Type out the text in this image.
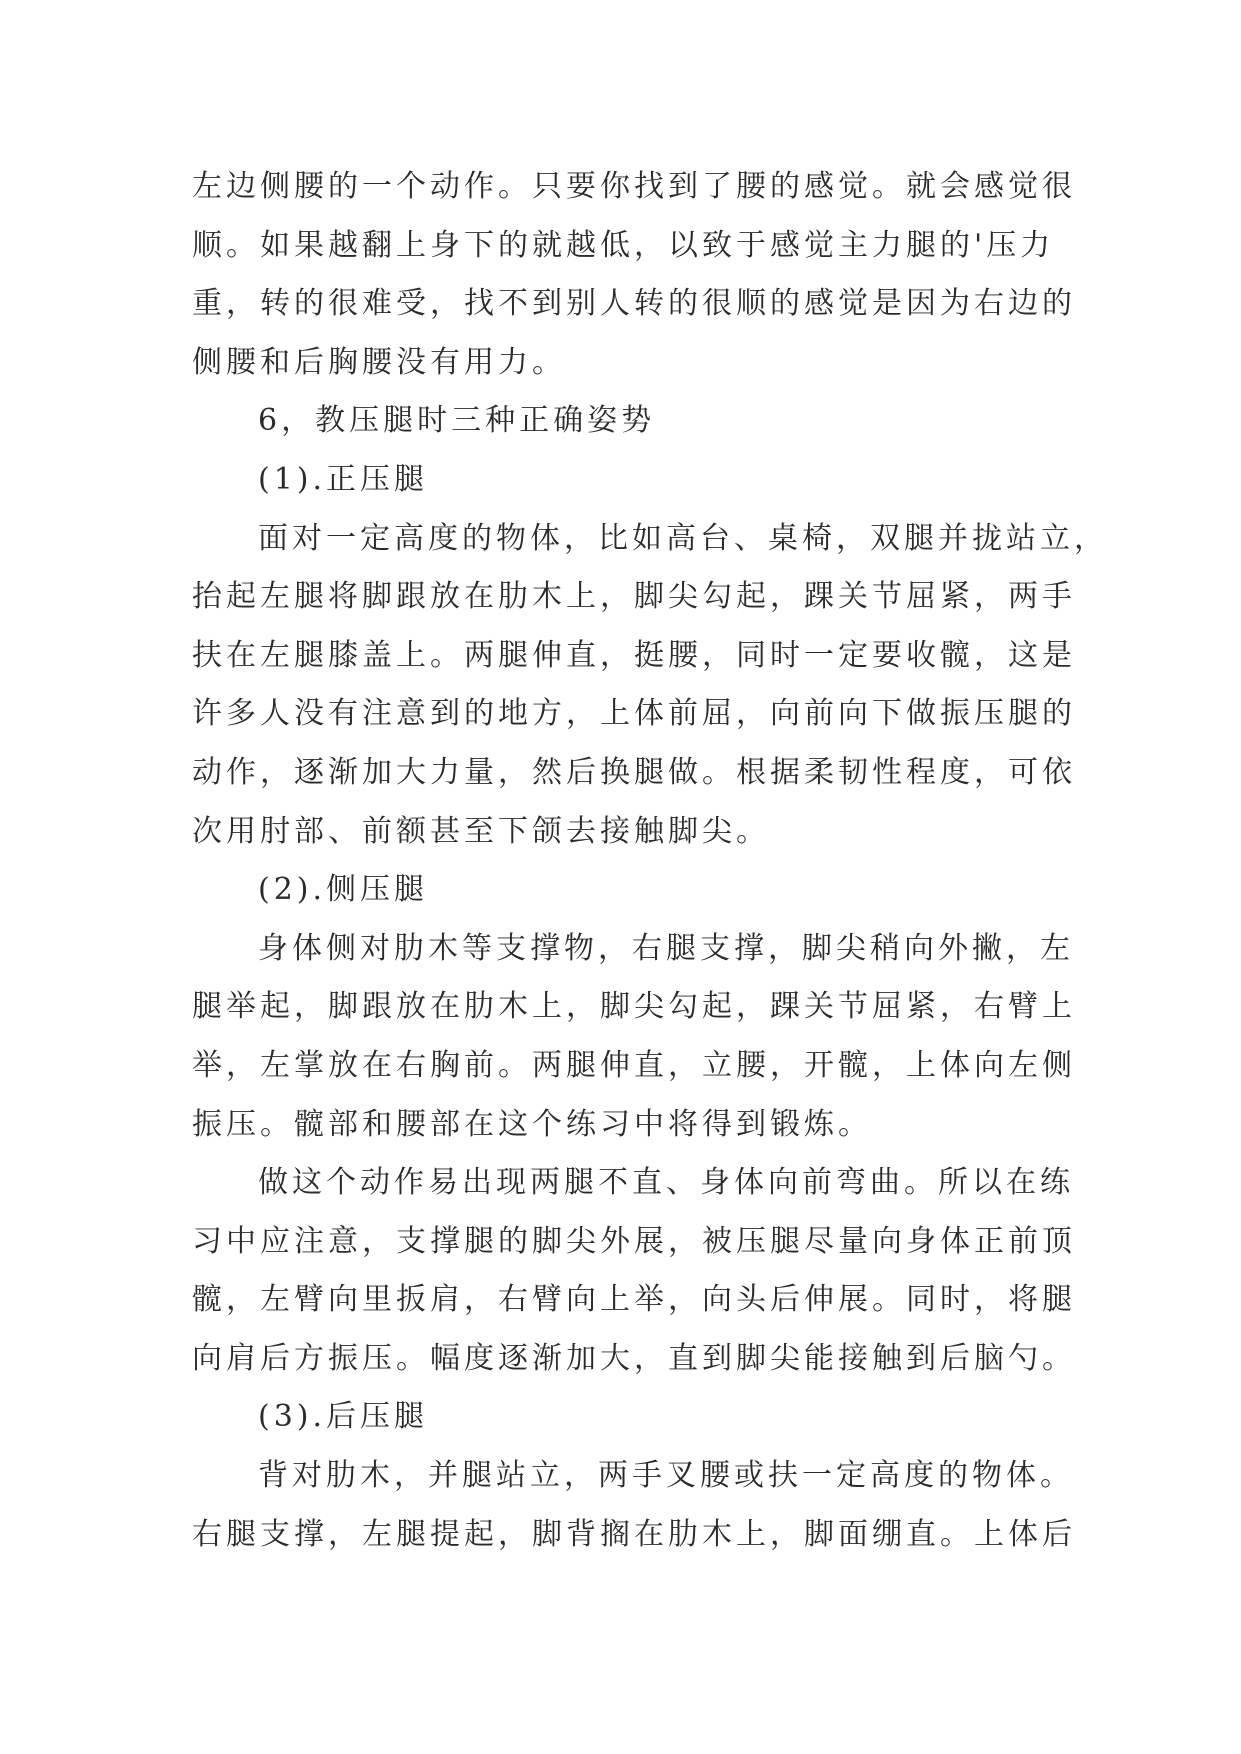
左边侧腰的一个动作。只要你找到了腰的感觉。就会感觉很
顺。如果越翻上身下的就越低，以致于感觉主力腿的'压力
重，转的很难受，找不到别人转的很顺的感觉是因为右边的
侧腰和后胸腰没有用力。
6，教压腿时三种正确姿势
(1).正压腿
面对一定高度的物体，比如高台、桌椅，双腿并拢站立，
抬起左腿将脚跟放在肋木上，脚尖勾起，踝关节屈紧，两手
扶在左腿膝盖上。两腿伸直，挺腰，同时一定要收髋，这是
许多人没有注意到的地方，上体前屈，向前向下做振压腿的
动作，逐渐加大力量，然后换腿做。根据柔韧性程度，可依
次用肘部、前额甚至下颌去接触脚尖。
(2).侧压腿
身体侧对肋木等支撑物，右腿支撑，脚尖稍向外撇，左
腿举起，脚跟放在肋木上，脚尖勾起，踝关节屈紧，右臂上
举，左掌放在右胸前。两腿伸直，立腰，开髋，上体向左侧
振压。髋部和腰部在这个练习中将得到锻炼。
做这个动作易出现两腿不直、身体向前弯曲。所以在练
习中应注意，支撑腿的脚尖外展，被压腿尽量向身体正前顶
髋，左臂向里扳肩，右臂向上举，向头后伸展。同时，将腿
向肩后方振压。幅度逐渐加大，直到脚尖能接触到后脑勺。
(3).后压腿
背对肋木，并腿站立，两手叉腰或扶一定高度的物体。
右腿支撑，左腿提起，脚背搁在肋木上，脚面绷直。上体后
